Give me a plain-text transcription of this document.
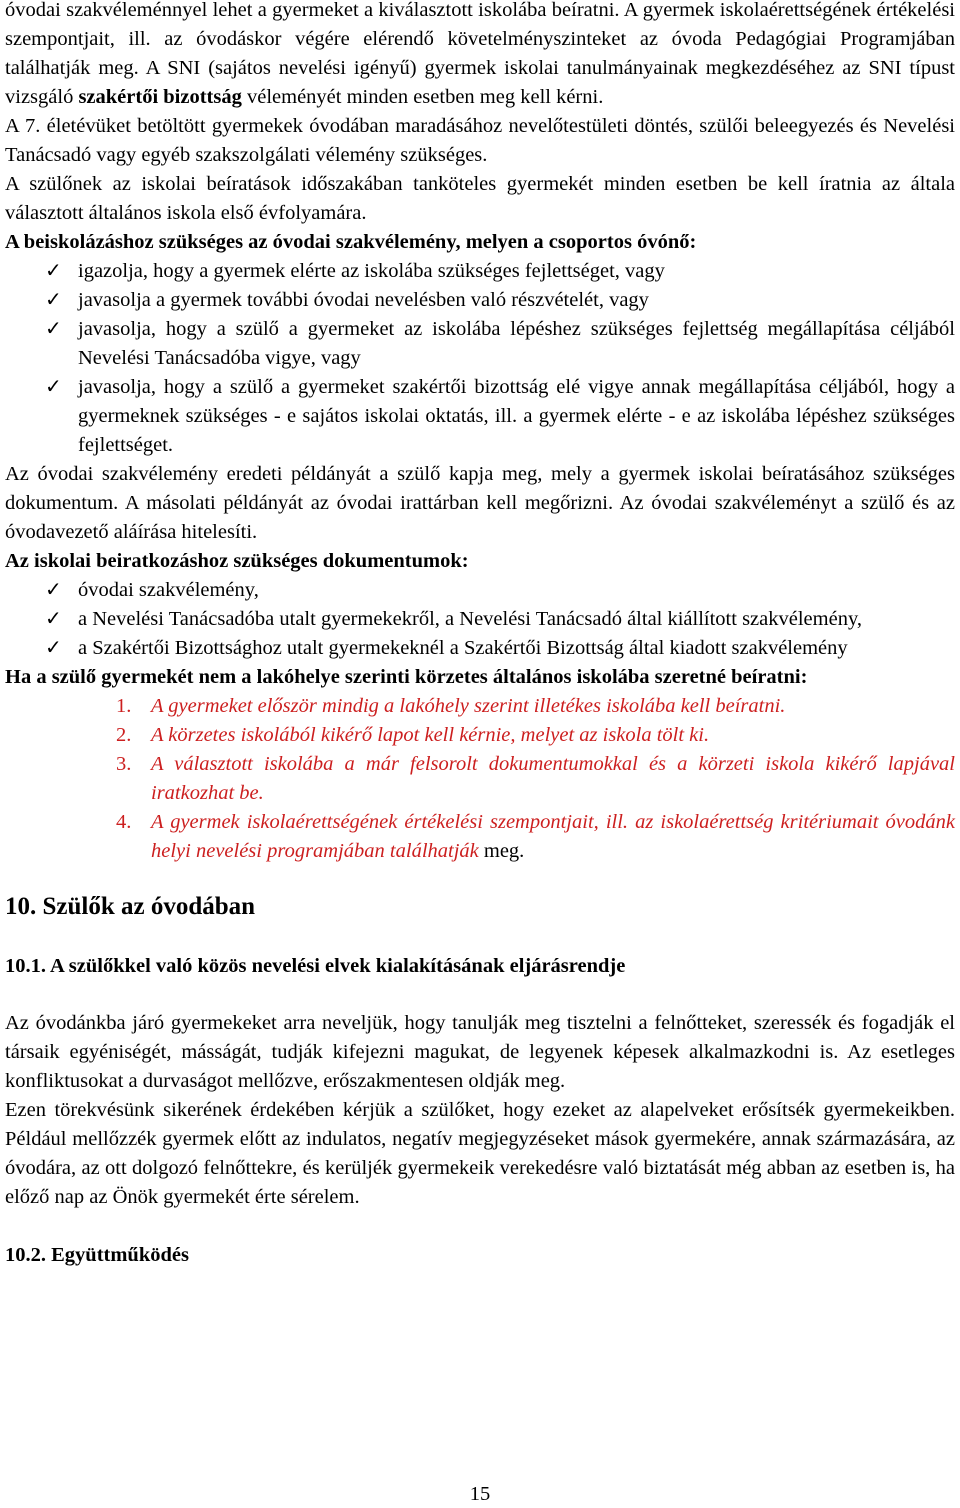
óvodai szakvéleménnyel lehet a gyermeket a kiválasztott iskolába beíratni. A gyermek iskolaérettségének értékelési szempontjait, ill. az óvodáskor végére elérendő követelményszinteket az óvoda Pedagógiai Programjában találhatják meg. A SNI (sajátos nevelési igényű) gyermek iskolai tanulmányainak megkezdéséhez az SNI típust vizsgáló szakértői bizottság véleményét minden esetben meg kell kérni.

A 7. életévüket betöltött gyermekek óvodában maradásához nevelőtestületi döntés, szülői beleegyezés és Nevelési Tanácsadó vagy egyéb szakszolgálati vélemény szükséges.

A szülőnek az iskolai beíratások időszakában tanköteles gyermekét minden esetben be kell íratnia az általa választott általános iskola első évfolyamára.

A beiskolázáshoz szükséges az óvodai szakvélemény, melyen a csoportos óvónő:

✓ igazolja, hogy a gyermek elérte az iskolába szükséges fejlettséget, vagy
✓ javasolja a gyermek további óvodai nevelésben való részvételét, vagy
✓ javasolja, hogy a szülő a gyermeket az iskolába lépéshez szükséges fejlettség megállapítása céljából Nevelési Tanácsadóba vigye, vagy
✓ javasolja, hogy a szülő a gyermeket szakértői bizottság elé vigye annak megállapítása céljából, hogy a gyermeknek szükséges - e sajátos iskolai oktatás, ill. a gyermek elérte - e az iskolába lépéshez szükséges fejlettséget.

Az óvodai szakvélemény eredeti példányát a szülő kapja meg, mely a gyermek iskolai beíratásához szükséges dokumentum. A másolati példányát az óvodai irattárban kell megőrizni. Az óvodai szakvéleményt a szülő és az óvodavezető aláírása hitelesíti.

Az iskolai beiratkozáshoz szükséges dokumentumok:

✓ óvodai szakvélemény,
✓ a Nevelési Tanácsadóba utalt gyermekekről, a Nevelési Tanácsadó által kiállított szakvélemény,
✓ a Szakértői Bizottsághoz utalt gyermekeknél a Szakértői Bizottság által kiadott szakvélemény

Ha a szülő gyermekét nem a lakóhelye szerinti körzetes általános iskolába szeretné beíratni:

1. A gyermeket először mindig a lakóhely szerint illetékes iskolába kell beíratni.
2. A körzetes iskolából kikérő lapot kell kérnie, melyet az iskola tölt ki.
3. A választott iskolába a már felsorolt dokumentumokkal és a körzeti iskola kikérő lapjával iratkozhat be.
4. A gyermek iskolaérettségének értékelési szempontjait, ill. az iskolaérettség kritériumait óvodánk helyi nevelési programjában találhatják meg.
10. Szülők az óvodában
10.1. A szülőkkel való közös nevelési elvek kialakításának eljárásrendje

Az óvodánkba járó gyermekeket arra neveljük, hogy tanulják meg tisztelni a felnőtteket, szeressék és fogadják el társaik egyéniségét, másságát, tudják kifejezni magukat, de legyenek képesek alkalmazkodni is. Az esetleges konfliktusokat a durvaságot mellőzve, erőszakmentesen oldják meg.

Ezen törekvésünk sikerének érdekében kérjük a szülőket, hogy ezeket az alapelveket erősítsék gyermekeikben. Például mellőzzék gyermek előtt az indulatos, negatív megjegyzéseket mások gyermekére, annak származására, az óvodára, az ott dolgozó felnőttekre, és kerüljék gyermekeik verekedésre való biztatását még abban az esetben is, ha előző nap az Önök gyermekét érte sérelem.

10.2. Együttműködés
15
